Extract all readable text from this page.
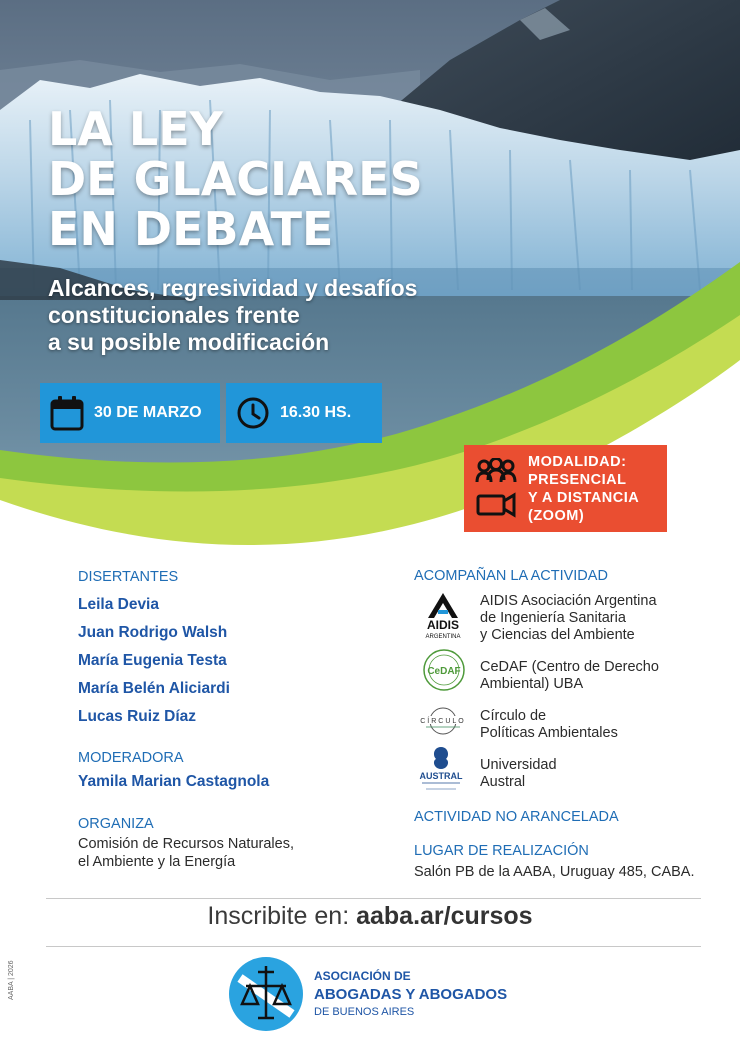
LA LEY
DE GLACIARES
EN DEBATE
Alcances, regresividad y desafíos
constitucionales frente
a su posible modificación
30 DE MARZO	16.30 HS.
MODALIDAD:
PRESENCIAL
Y A DISTANCIA
(ZOOM)
DISERTANTES
Leila Devia
Juan Rodrigo Walsh
María Eugenia Testa
María Belén Aliciardi
Lucas Ruiz Díaz
MODERADORA
Yamila Marian Castagnola
ORGANIZA
Comisión de Recursos Naturales,
el Ambiente y la Energía
ACOMPAÑAN LA ACTIVIDAD
AIDIS
ARGENTINA
AIDIS Asociación Argentina
de Ingeniería Sanitaria
y Ciencias del Ambiente
CeDAF CeDAF (Centro de Derecho
Ambiental) UBA
CÍRCULO Círculo de
Políticas Ambientales
AUSTRAL
Universidad
Austral
ACTIVIDAD NO ARANCELADA
LUGAR DE REALIZACIÓN
Salón PB de la AABA, Uruguay 485, CABA.
Inscribite en: aaba.ar/cursos
ASOCIACIÓN DE
ABOGADAS Y ABOGADOS
DE BUENOS AIRES
AABA | 2026
